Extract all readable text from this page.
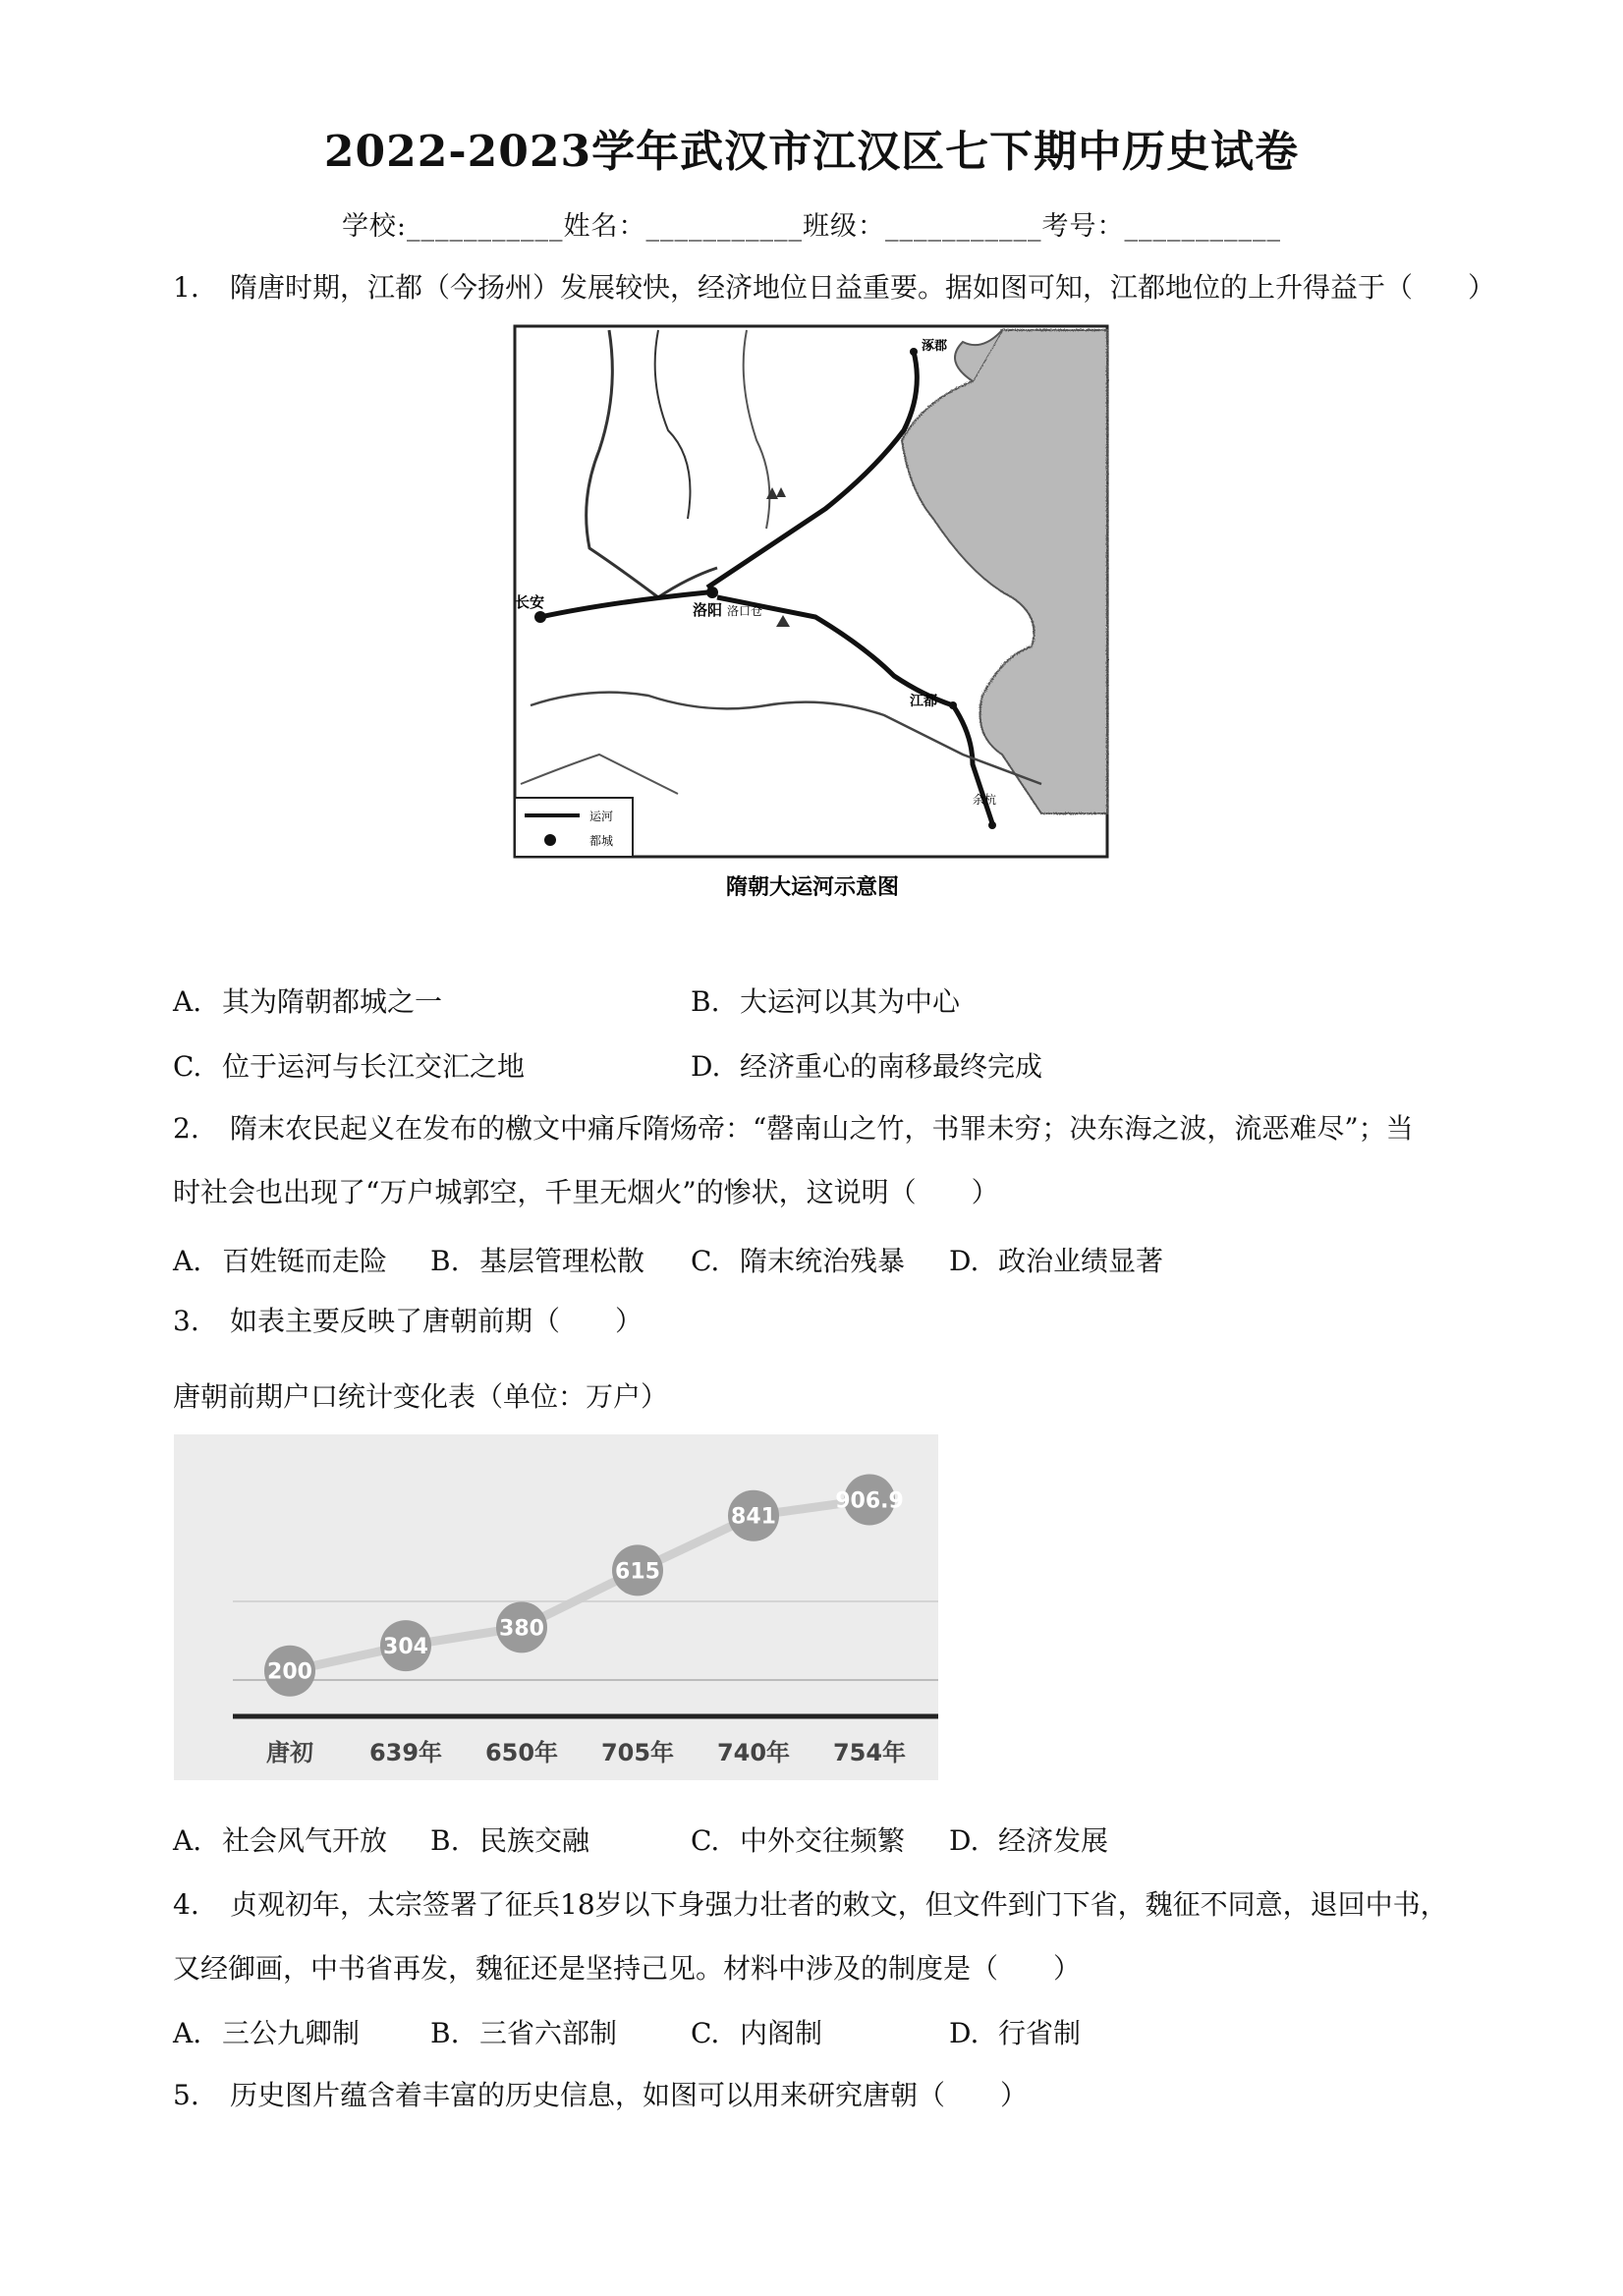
2022-2023学年武汉市江汉区七下期中历史试卷
学校:___________姓名：___________班级：___________考号：___________
1. 隋唐时期，江都（今扬州）发展较快，经济地位日益重要。据如图可知，江都地位的上升得益于（　　）
涿郡
长安	洛阳 洛口仓
江都
余杭
运河
都城
隋朝大运河示意图
A. 其为隋朝都城之一	B. 大运河以其为中心
C. 位于运河与长江交汇之地	D. 经济重心的南移最终完成
2. 隋末农民起义在发布的檄文中痛斥隋炀帝：“罄南山之竹，书罪未穷；决东海之波，流恶难尽”；当
时社会也出现了“万户城郭空，千里无烟火”的惨状，这说明（　　）
A. 百姓铤而走险 B. 基层管理松散 C. 隋末统治残暴 D. 政治业绩显著
3. 如表主要反映了唐朝前期（　　）
唐朝前期户口统计变化表（单位：万户）
200
304
380
615
841
906.9
唐初 639年 650年 705年 740年 754年
A. 社会风气开放 B. 民族交融	C. 中外交往频繁 D. 经济发展
4. 贞观初年，太宗签署了征兵18岁以下身强力壮者的敕文，但文件到门下省，魏征不同意，退回中书，
又经御画，中书省再发，魏征还是坚持己见。材料中涉及的制度是（　　）
A. 三公九卿制	B. 三省六部制	C. 内阁制	D. 行省制
5. 历史图片蕴含着丰富的历史信息，如图可以用来研究唐朝（　　）
